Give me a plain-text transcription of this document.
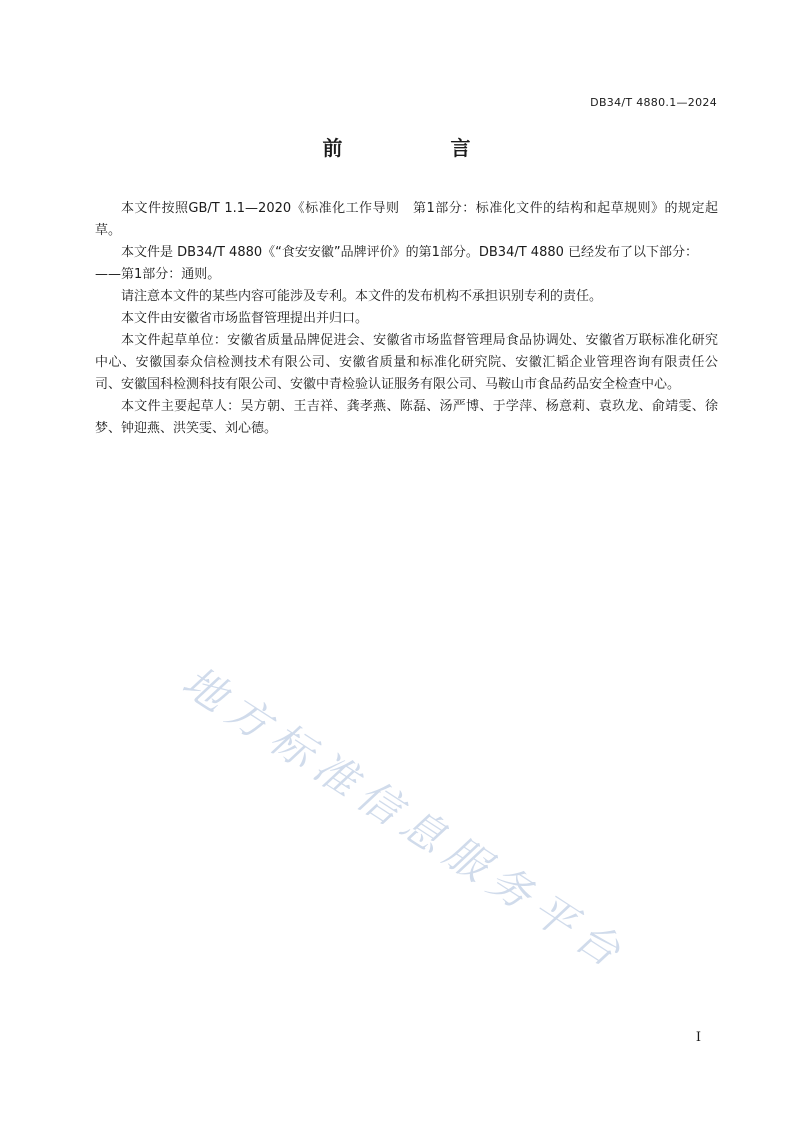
DB34/T 4880.1—2024
前　言

本文件按照GB/T 1.1—2020《标准化工作导则　第1部分：标准化文件的结构和起草规则》的规定起草。

本文件是 DB34/T 4880《“食安安徽”品牌评价》的第1部分。DB34/T 4880 已经发布了以下部分：

——第1部分：通则。

请注意本文件的某些内容可能涉及专利。本文件的发布机构不承担识别专利的责任。

本文件由安徽省市场监督管理提出并归口。

本文件起草单位：安徽省质量品牌促进会、安徽省市场监督管理局食品协调处、安徽省万联标准化研究中心、安徽国泰众信检测技术有限公司、安徽省质量和标准化研究院、安徽汇韬企业管理咨询有限责任公司、安徽国科检测科技有限公司、安徽中青检验认证服务有限公司、马鞍山市食品药品安全检查中心。

本文件主要起草人：吴方朝、王吉祥、龚孝燕、陈磊、汤严博、于学萍、杨意莉、袁玖龙、俞靖雯、徐梦、钟迎燕、洪笑雯、刘心德。

地方标准信息服务平台
I
